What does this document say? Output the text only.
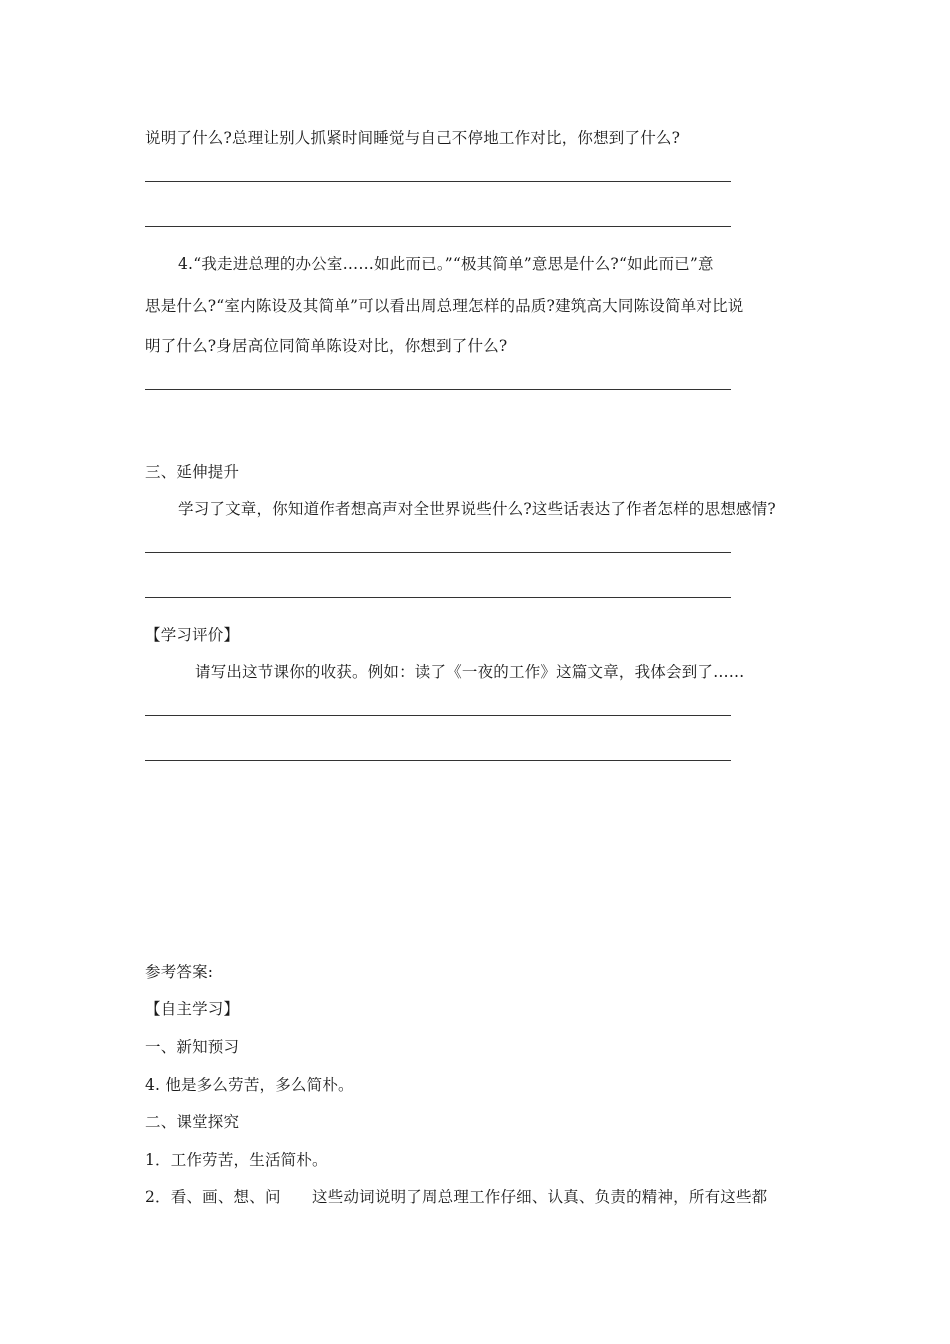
说明了什么?总理让别人抓紧时间睡觉与自己不停地工作对比，你想到了什么?
4.“我走进总理的办公室……如此而已。”“极其简单”意思是什么?“如此而已”意
思是什么?“室内陈设及其简单”可以看出周总理怎样的品质?建筑高大同陈设简单对比说
明了什么?身居高位同简单陈设对比，你想到了什么?
三、延伸提升
学习了文章，你知道作者想高声对全世界说些什么?这些话表达了作者怎样的思想感情?
【学习评价】
请写出这节课你的收获。例如：读了《一夜的工作》这篇文章，我体会到了……
参考答案:
【自主学习】
一、新知预习
4. 他是多么劳苦，多么简朴。
二、课堂探究
1．工作劳苦，生活简朴。
2．看、画、想、问　　这些动词说明了周总理工作仔细、认真、负责的精神，所有这些都
